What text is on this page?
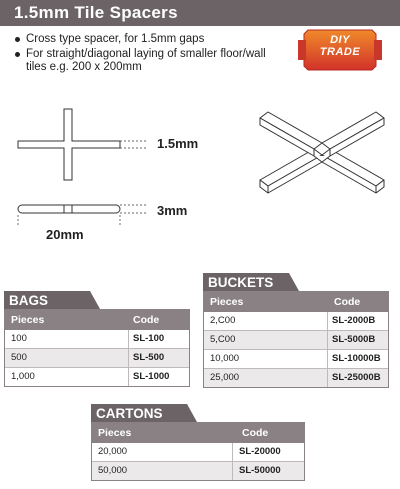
1.5mm Tile Spacers
Cross type spacer, for 1.5mm gaps
For straight/diagonal laying of smaller floor/wall tiles e.g. 200 x 200mm
DIY
TRADE
1.5mm
3mm
20mm
BAGS
Pieces	Code
100	SL-100
500	SL-500
1,000	SL-1000
BUCKETS
Pieces	Code
2,C00	SL-2000B
5,C00	SL-5000B
10,000	SL-10000B
25,000	SL-25000B
CARTONS
Pieces	Code
20,000	SL-20000
50,000	SL-50000
